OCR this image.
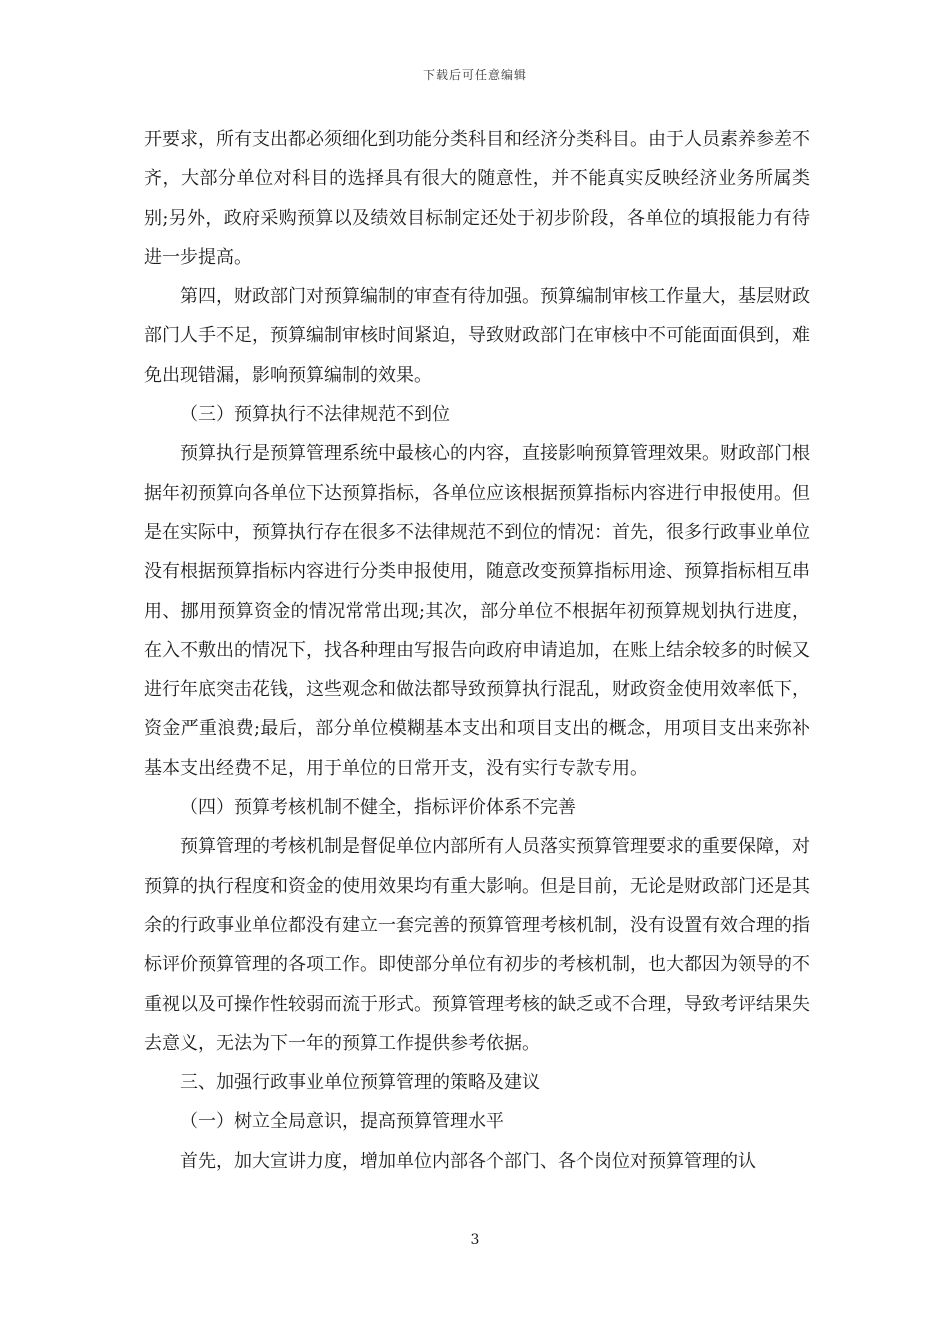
下载后可任意编辑

开要求，所有支出都必须细化到功能分类科目和经济分类科目。由于人员素养参差不齐，大部分单位对科目的选择具有很大的随意性，并不能真实反映经济业务所属类别;另外，政府采购预算以及绩效目标制定还处于初步阶段，各单位的填报能力有待进一步提高。

第四，财政部门对预算编制的审查有待加强。预算编制审核工作量大，基层财政部门人手不足，预算编制审核时间紧迫，导致财政部门在审核中不可能面面俱到，难免出现错漏，影响预算编制的效果。

（三）预算执行不法律规范不到位

预算执行是预算管理系统中最核心的内容，直接影响预算管理效果。财政部门根据年初预算向各单位下达预算指标，各单位应该根据预算指标内容进行申报使用。但是在实际中，预算执行存在很多不法律规范不到位的情况：首先，很多行政事业单位没有根据预算指标内容进行分类申报使用，随意改变预算指标用途、预算指标相互串用、挪用预算资金的情况常常出现;其次，部分单位不根据年初预算规划执行进度，在入不敷出的情况下，找各种理由写报告向政府申请追加，在账上结余较多的时候又进行年底突击花钱，这些观念和做法都导致预算执行混乱，财政资金使用效率低下，资金严重浪费;最后，部分单位模糊基本支出和项目支出的概念，用项目支出来弥补基本支出经费不足，用于单位的日常开支，没有实行专款专用。

（四）预算考核机制不健全，指标评价体系不完善

预算管理的考核机制是督促单位内部所有人员落实预算管理要求的重要保障，对预算的执行程度和资金的使用效果均有重大影响。但是目前，无论是财政部门还是其余的行政事业单位都没有建立一套完善的预算管理考核机制，没有设置有效合理的指标评价预算管理的各项工作。即使部分单位有初步的考核机制，也大都因为领导的不重视以及可操作性较弱而流于形式。预算管理考核的缺乏或不合理，导致考评结果失去意义，无法为下一年的预算工作提供参考依据。

三、加强行政事业单位预算管理的策略及建议

（一）树立全局意识，提高预算管理水平

首先，加大宣讲力度，增加单位内部各个部门、各个岗位对预算管理的认

3
